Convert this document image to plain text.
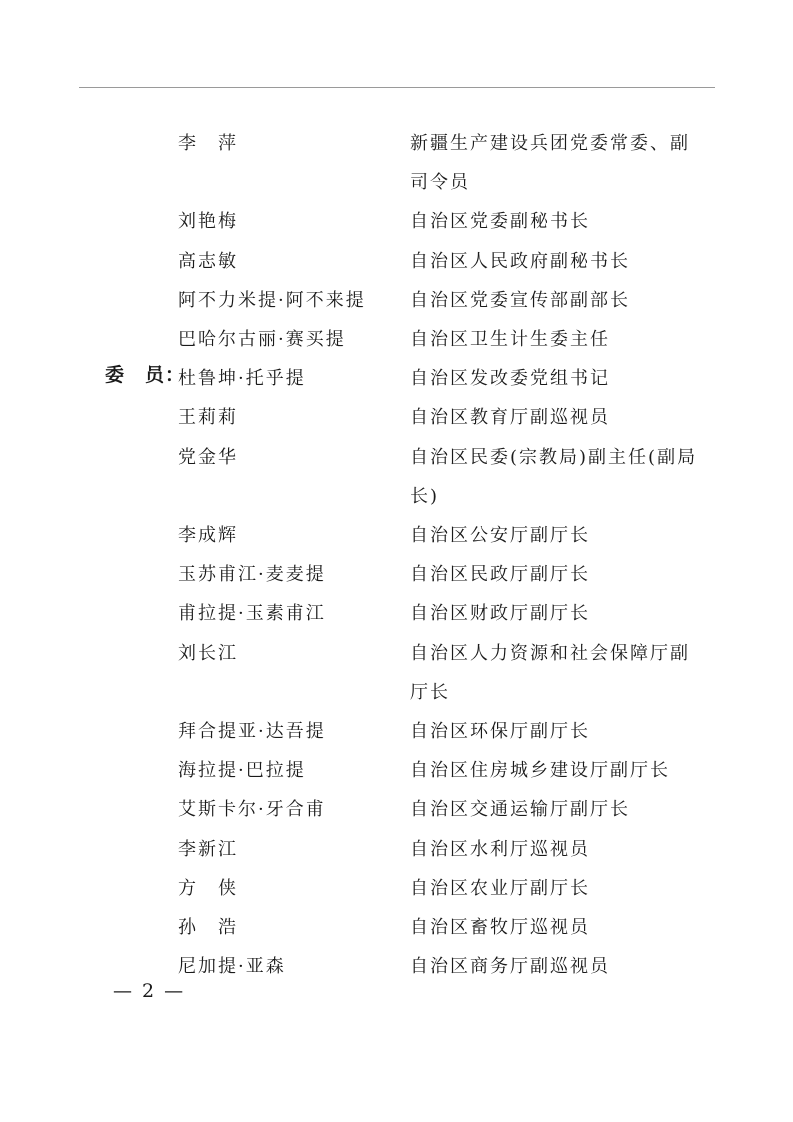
委　员：
李　萍	新疆生产建设兵团党委常委、副司令员
刘艳梅	自治区党委副秘书长
高志敏	自治区人民政府副秘书长
阿不力米提·阿不来提	自治区党委宣传部副部长
巴哈尔古丽·赛买提	自治区卫生计生委主任
杜鲁坤·托乎提	自治区发改委党组书记
王莉莉	自治区教育厅副巡视员
党金华	自治区民委(宗教局)副主任(副局长)
李成辉	自治区公安厅副厅长
玉苏甫江·麦麦提	自治区民政厅副厅长
甫拉提·玉素甫江	自治区财政厅副厅长
刘长江	自治区人力资源和社会保障厅副厅长
拜合提亚·达吾提	自治区环保厅副厅长
海拉提·巴拉提	自治区住房城乡建设厅副厅长
艾斯卡尔·牙合甫	自治区交通运输厅副厅长
李新江	自治区水利厅巡视员
方　侠	自治区农业厅副厅长
孙　浩	自治区畜牧厅巡视员
尼加提·亚森	自治区商务厅副巡视员
— 2 —
